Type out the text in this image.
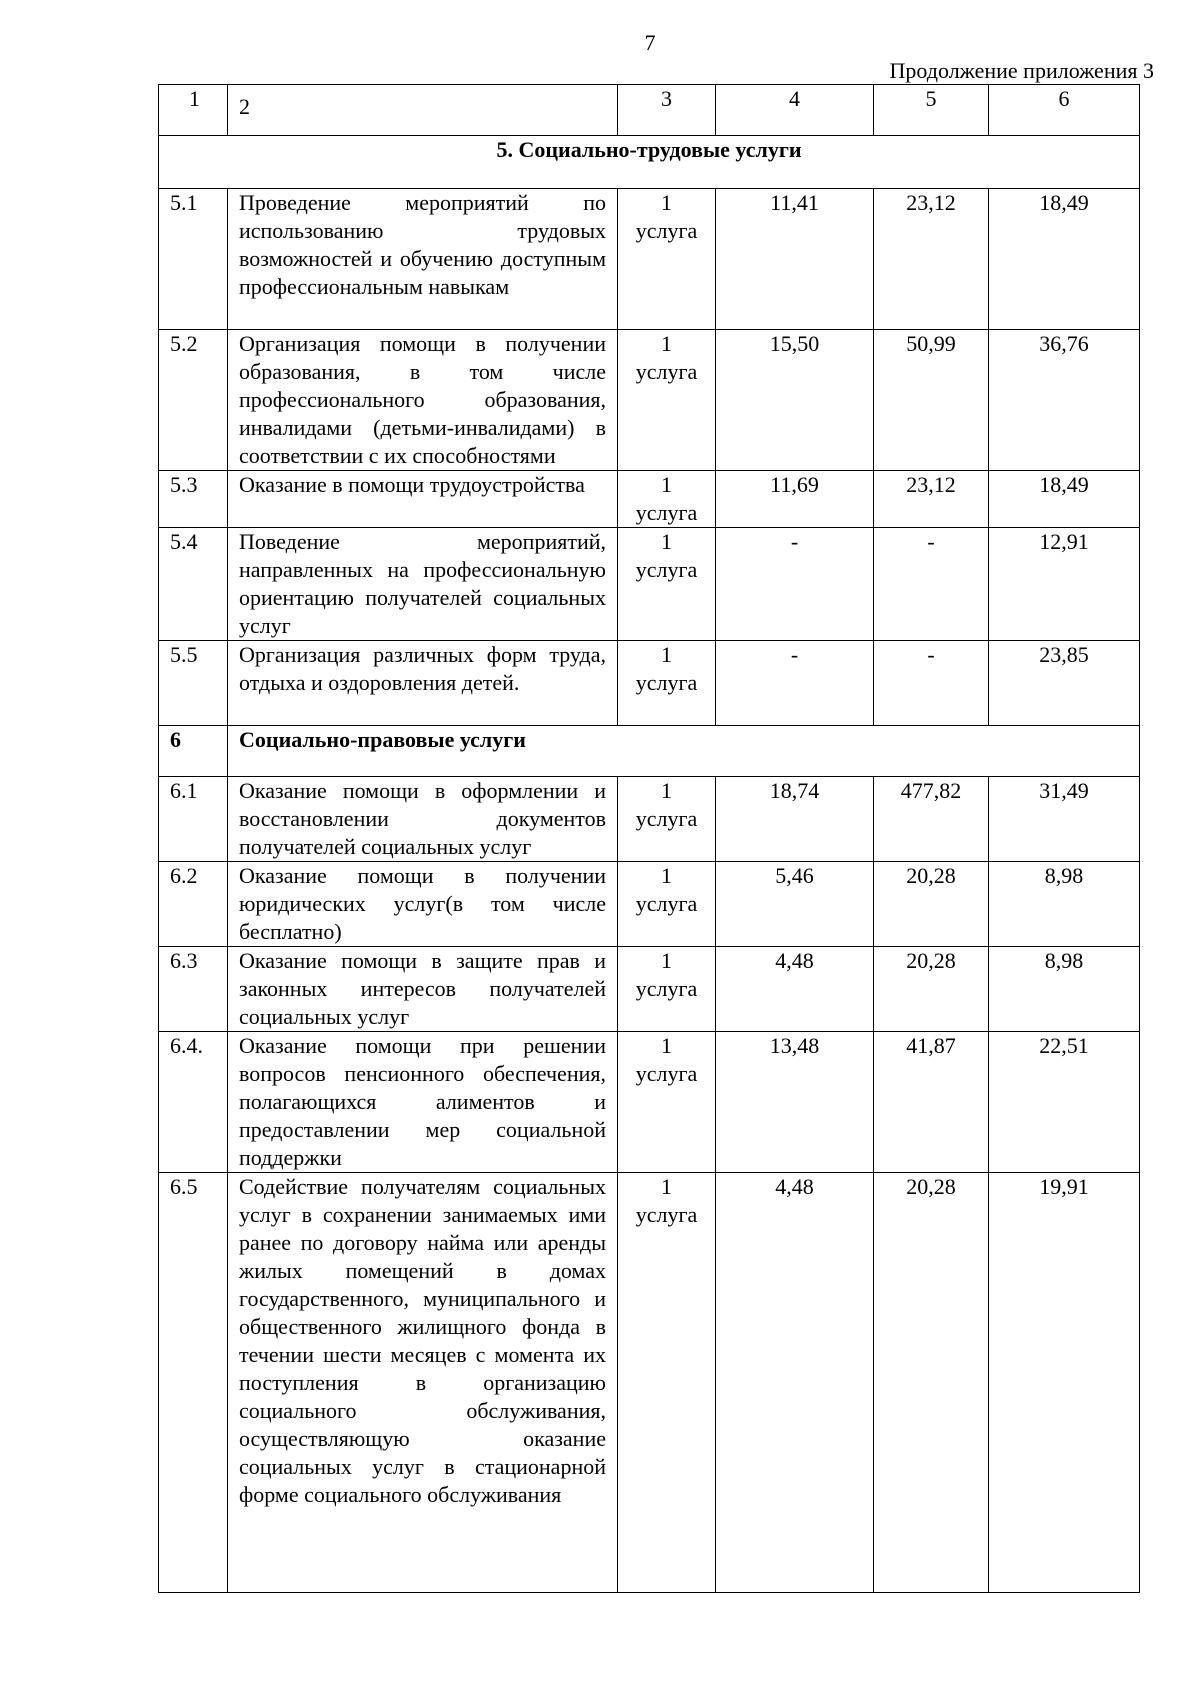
7
Продолжение приложения 3
1	2	3	4	5	6
5. Социально-трудовые услуги					
5.1	Проведение мероприятий по использованию трудовых возможностей и обучению доступным профессиональным навыкам	1 услуга	11,41	23,12	18,49
5.2	Организация помощи в получении образования, в том числе профессионального образования, инвалидами (детьми-инвалидами) в соответствии с их способностями	1 услуга	15,50	50,99	36,76
5.3	Оказание в помощи трудоустройства	1 услуга	11,69	23,12	18,49
5.4	Поведение мероприятий, направленных на профессиональную ориентацию получателей социальных услуг	1 услуга	-	-	12,91
5.5	Организация различных форм труда, отдыха и оздоровления детей.	1 услуга	-	-	23,85
6	Социально-правовые услуги				
6.1	Оказание помощи в оформлении и восстановлении документов получателей социальных услуг	1 услуга	18,74	477,82	31,49
6.2	Оказание помощи в получении юридических услуг(в том числе бесплатно)	1 услуга	5,46	20,28	8,98
6.3	Оказание помощи в защите прав и законных интересов получателей социальных услуг	1 услуга	4,48	20,28	8,98
6.4.	Оказание помощи при решении вопросов пенсионного обеспечения, полагающихся алиментов и предоставлении мер социальной поддержки	1 услуга	13,48	41,87	22,51
6.5	Содействие получателям социальных услуг в сохранении занимаемых ими ранее по договору найма или аренды жилых помещений в домах государственного, муниципального и общественного жилищного фонда в течении шести месяцев с момента их поступления в организацию социального обслуживания, осуществляющую оказание социальных услуг в стационарной форме социального обслуживания	1 услуга	4,48	20,28	19,91
